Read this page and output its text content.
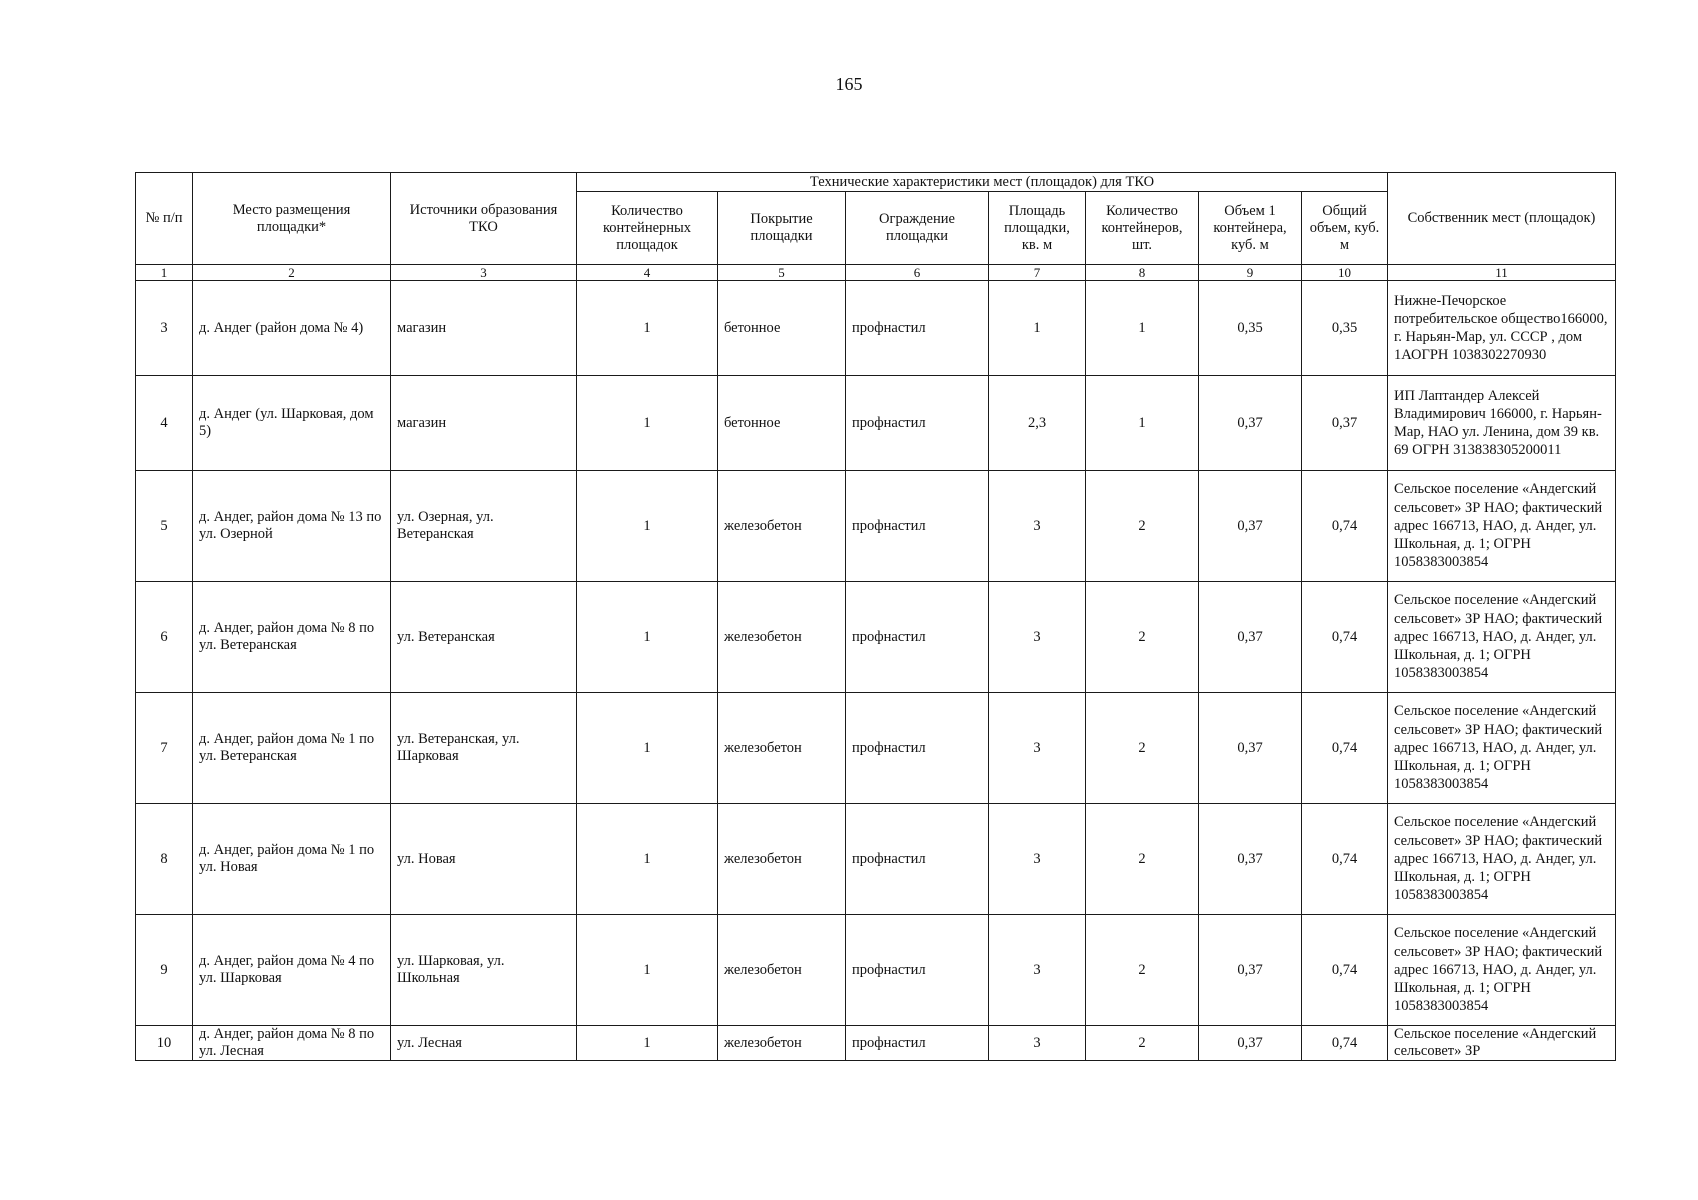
165
№ п/п	Место размещения площадки*	Источники образования ТКО	Технические характеристики мест (площадок) для ТКО							Собственник мест (площадок)
			Количество контейнерных площадок	Покрытие площадки	Ограждение площадки	Площадь площадки, кв. м	Количество контейнеров, шт.	Объем 1 контейнера, куб. м	Общий объем, куб. м	
1	2	3	4	5	6	7	8	9	10	11
3	д. Андег (район дома № 4)	магазин	1	бетонное	профнастил	1	1	0,35	0,35	Нижне-Печорское потребительское общество166000, г. Нарьян-Мар, ул. СССР , дом 1АОГРН 1038302270930
4	д. Андег (ул. Шарковая, дом 5)	магазин	1	бетонное	профнастил	2,3	1	0,37	0,37	ИП Лаптандер Алексей Владимирович 166000, г. Нарьян-Мар, НАО ул. Ленина, дом 39 кв. 69 ОГРН 313838305200011
5	д. Андег, район дома № 13 по ул. Озерной	ул. Озерная, ул. Ветеранская	1	железобетон	профнастил	3	2	0,37	0,74	Сельское поселение «Андегский сельсовет» ЗР НАО; фактический адрес 166713, НАО, д. Андег, ул. Школьная, д. 1; ОГРН 1058383003854
6	д. Андег, район дома № 8 по ул. Ветеранская	ул. Ветеранская	1	железобетон	профнастил	3	2	0,37	0,74	Сельское поселение «Андегский сельсовет» ЗР НАО; фактический адрес 166713, НАО, д. Андег, ул. Школьная, д. 1; ОГРН 1058383003854
7	д. Андег, район дома № 1 по ул. Ветеранская	ул. Ветеранская, ул. Шарковая	1	железобетон	профнастил	3	2	0,37	0,74	Сельское поселение «Андегский сельсовет» ЗР НАО; фактический адрес 166713, НАО, д. Андег, ул. Школьная, д. 1; ОГРН 1058383003854
8	д. Андег, район дома № 1 по ул. Новая	ул. Новая	1	железобетон	профнастил	3	2	0,37	0,74	Сельское поселение «Андегский сельсовет» ЗР НАО; фактический адрес 166713, НАО, д. Андег, ул. Школьная, д. 1; ОГРН 1058383003854
9	д. Андег, район дома № 4 по ул. Шарковая	ул. Шарковая, ул. Школьная	1	железобетон	профнастил	3	2	0,37	0,74	Сельское поселение «Андегский сельсовет» ЗР НАО; фактический адрес 166713, НАО, д. Андег, ул. Школьная, д. 1; ОГРН 1058383003854
10	д. Андег, район дома № 8 по ул. Лесная	ул. Лесная	1	железобетон	профнастил	3	2	0,37	0,74	Сельское поселение «Андегский сельсовет» ЗР
